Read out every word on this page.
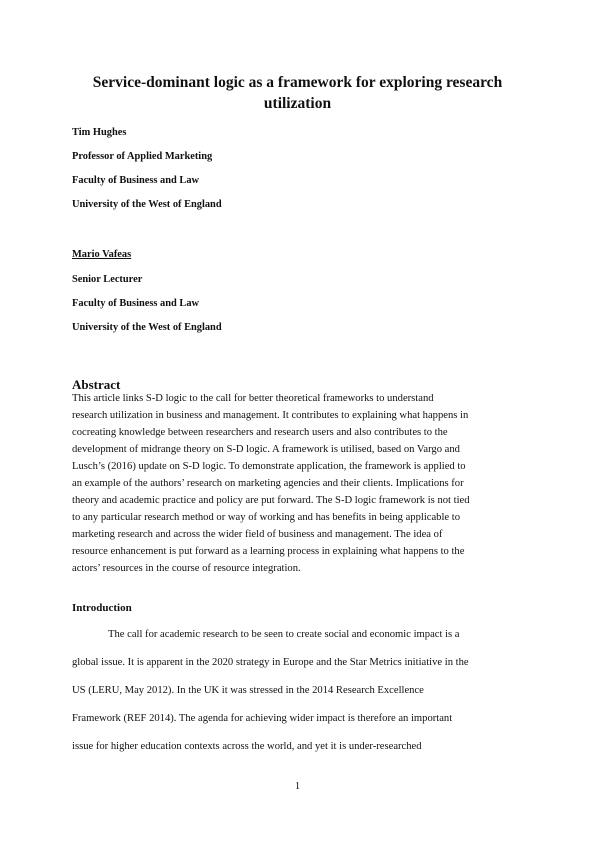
Service-dominant logic as a framework for exploring research
utilization
Tim Hughes
Professor of Applied Marketing
Faculty of Business and Law
University of the West of England
Mario Vafeas
Senior Lecturer
Faculty of Business and Law
University of the West of England
Abstract
This article links S-D logic to the call for better theoretical frameworks to understand
research utilization in business and management. It contributes to explaining what happens in
cocreating knowledge between researchers and research users and also contributes to the
development of midrange theory on S-D logic. A framework is utilised, based on Vargo and
Lusch’s (2016) update on S-D logic. To demonstrate application, the framework is applied to
an example of the authors’ research on marketing agencies and their clients. Implications for
theory and academic practice and policy are put forward. The S-D logic framework is not tied
to any particular research method or way of working and has benefits in being applicable to
marketing research and across the wider field of business and management. The idea of
resource enhancement is put forward as a learning process in explaining what happens to the
actors’ resources in the course of resource integration.
Introduction
The call for academic research to be seen to create social and economic impact is a
global issue. It is apparent in the 2020 strategy in Europe and the Star Metrics initiative in the
US (LERU, May 2012). In the UK it was stressed in the 2014 Research Excellence
Framework (REF 2014). The agenda for achieving wider impact is therefore an important
issue for higher education contexts across the world, and yet it is under-researched
1
